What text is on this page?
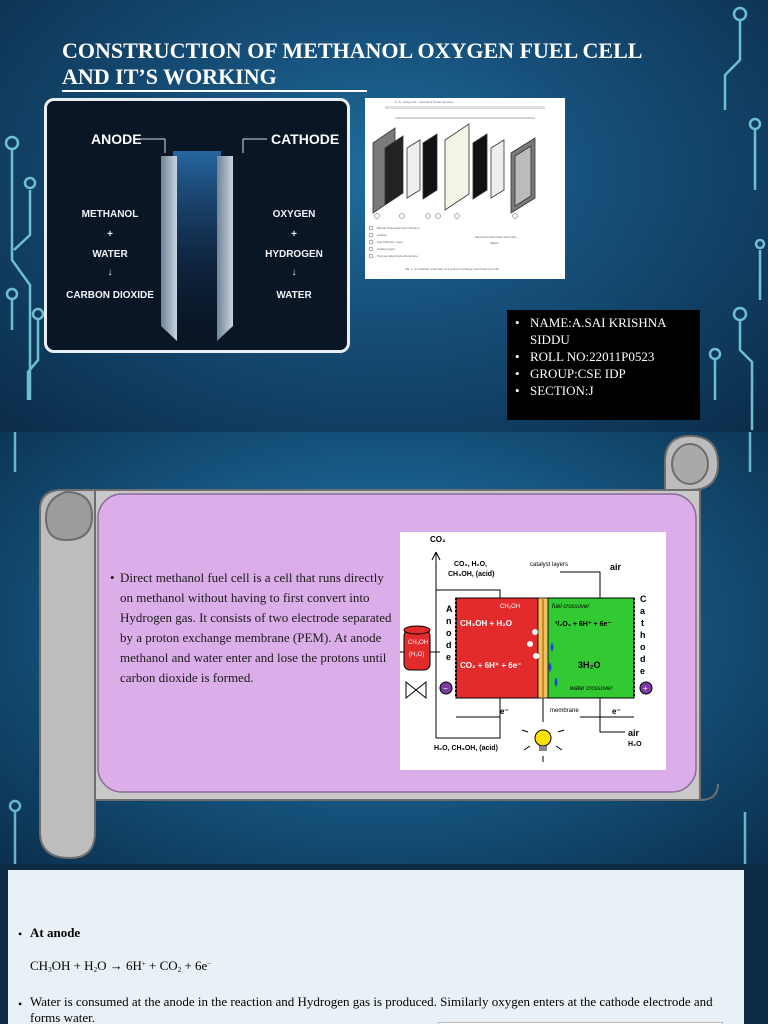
CONSTRUCTION OF METHANOL OXYGEN FUEL CELL AND IT’S WORKING
ANODE	CATHODE
METHANOL
+
WATER
↓
CARBON DIOXIDE
OXYGEN
+
HYDROGEN
↓
WATER
Bipolar Plate/Gas Flow Channel
Gasket
Gas Diffusion Layer
Catalyst layer
Polymer Electrolyte Membrane
Membrane Electrode Assembly
(MEA)
Fig. 1. A simplified schematic of a proton exchange membrane fuel cell.
K.-S. Yang et al. / Journal of Power Sources
• NAME:A.SAI KRISHNA SIDDU
• ROLL NO:22011P0523
• GROUP:CSE IDP
• SECTION:J
• Direct methanol fuel cell is a cell that runs directly on methanol without having to first convert into Hydrogen gas. It consists of two electrode separated by a proton exchange membrane (PEM). At anode methanol and water enter and lose the protons until carbon dioxide is formed.
−	+
CO₂
CO₂, H₂O,
CH₃OH, (acid)
catalyst layers	air
CH₃OH
(H₂O)
CH₃OH	fuel crossover
CH₃OH + H₂O	³/₂O₂ + 6H⁺ + 6e⁻
CO₂ + 6H⁺ + 6e⁻	3H₂O
water crossover
membrane
e⁻	e⁻
H₂O, CH₃OH, (acid)
air
H₂O
A
n
o
d
e
C
a
t
h
o
d
e
• At anode
$CH_3OH + H_2O \to 6H^+ + CO_2 + 6e^-$
• Water is consumed at the anode in the reaction and Hydrogen gas is produced. Similarly oxygen enters at the cathode electrode and forms water.
